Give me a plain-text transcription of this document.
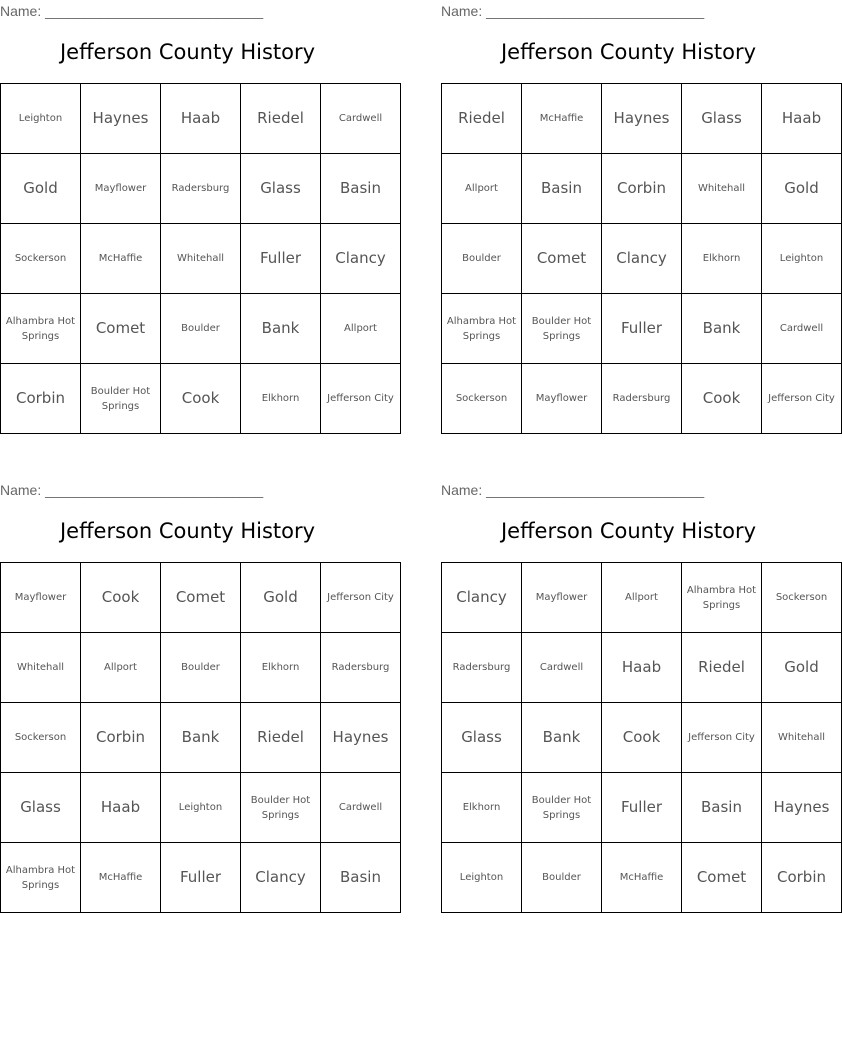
Name: ____________________________
Jefferson County History
Leighton	Haynes	Haab	Riedel	Cardwell
Gold	Mayflower	Radersburg	Glass	Basin
Sockerson	McHaffie	Whitehall	Fuller	Clancy
Alhambra Hot Springs	Comet	Boulder	Bank	Allport
Corbin	Boulder Hot Springs	Cook	Elkhorn	Jefferson City
Name: ____________________________
Jefferson County History
Riedel	McHaffie	Haynes	Glass	Haab
Allport	Basin	Corbin	Whitehall	Gold
Boulder	Comet	Clancy	Elkhorn	Leighton
Alhambra Hot Springs	Boulder Hot Springs	Fuller	Bank	Cardwell
Sockerson	Mayflower	Radersburg	Cook	Jefferson City
Name: ____________________________
Jefferson County History
Mayflower	Cook	Comet	Gold	Jefferson City
Whitehall	Allport	Boulder	Elkhorn	Radersburg
Sockerson	Corbin	Bank	Riedel	Haynes
Glass	Haab	Leighton	Boulder Hot Springs	Cardwell
Alhambra Hot Springs	McHaffie	Fuller	Clancy	Basin
Name: ____________________________
Jefferson County History
Clancy	Mayflower	Allport	Alhambra Hot Springs	Sockerson
Radersburg	Cardwell	Haab	Riedel	Gold
Glass	Bank	Cook	Jefferson City	Whitehall
Elkhorn	Boulder Hot Springs	Fuller	Basin	Haynes
Leighton	Boulder	McHaffie	Comet	Corbin
